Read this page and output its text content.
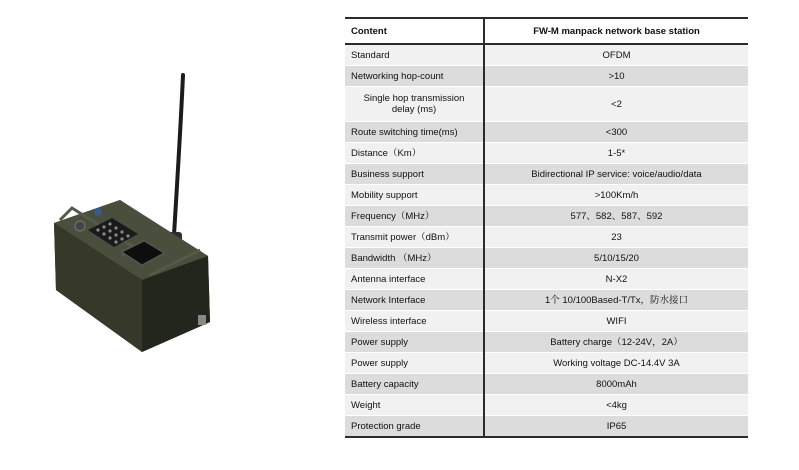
Content	FW-M manpack network base station
Standard	OFDM
Networking hop-count	>10
Single hop transmission delay (ms)	<2
Route switching time(ms)	<300
Distance（Km）	1-5*
Business support	Bidirectional IP service: voice/audio/data
Mobility support	>100Km/h
Frequency（MHz）	577、582、587、592
Transmit power（dBm）	23
Bandwidth （MHz）	5/10/15/20
Antenna interface	N-X2
Network Interface	1个 10/100Based-T/Tx，防水接口
Wireless interface	WIFI
Power supply	Battery charge（12-24V，2A）
Power supply	Working voltage DC-14.4V 3A
Battery capacity	8000mAh
Weight	<4kg
Protection grade	IP65
